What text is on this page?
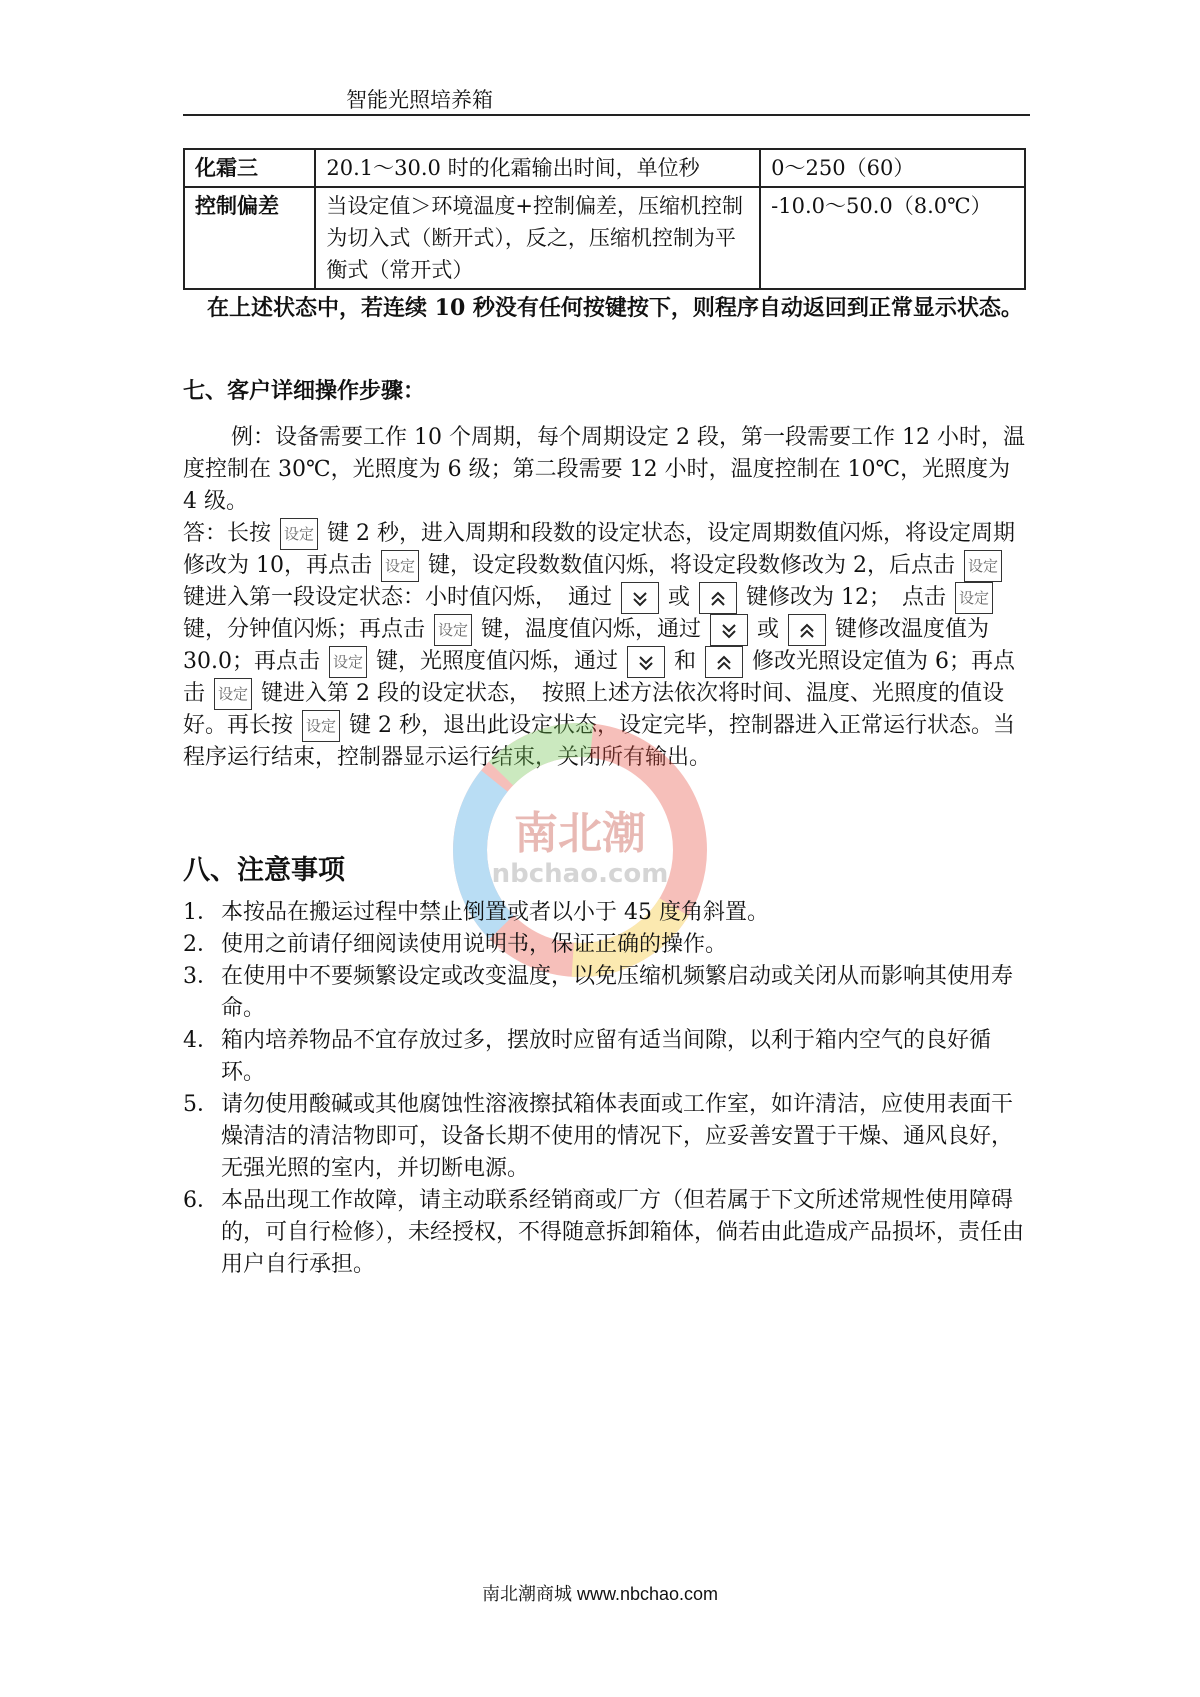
智能光照培养箱
化霜三	20.1～30.0 时的化霜输出时间，单位秒	0～250（60）
控制偏差	当设定值＞环境温度+控制偏差，压缩机控制为切入式（断开式），反之，压缩机控制为平衡式（常开式）	-10.0～50.0（8.0℃）
在上述状态中，若连续 10 秒没有任何按键按下，则程序自动返回到正常显示状态。
七、客户详细操作步骤：
例：设备需要工作 10 个周期，每个周期设定 2 段，第一段需要工作 12 小时，温度控制在 30℃，光照度为 6 级；第二段需要 12 小时，温度控制在 10℃，光照度为 4 级。
答：长按 设定 键 2 秒，进入周期和段数的设定状态，设定周期数值闪烁，将设定周期修改为 10，再点击 设定 键，设定段数数值闪烁，将设定段数修改为 2，后点击 设定 键进入第一段设定状态：小时值闪烁，　通过	或	键修改为 12；　点击 设定 键，分钟值闪烁；再点击 设定 键，温度值闪烁，通过	或	键修改温度值为 30.0；再点击 设定 键，光照度值闪烁，通过	和	修改光照设定值为 6；再点击 设定 键进入第 2 段的设定状态，　按照上述方法依次将时间、温度、光照度的值设好。再长按 设定 键 2 秒，退出此设定状态，设定完毕，控制器进入正常运行状态。当程序运行结束，控制器显示运行结束，关闭所有输出。
南北潮
nbchao.com
八、注意事项
1． 本按品在搬运过程中禁止倒置或者以小于 45 度角斜置。
2． 使用之前请仔细阅读使用说明书，保证正确的操作。
3． 在使用中不要频繁设定或改变温度，以免压缩机频繁启动或关闭从而影响其使用寿命。
4． 箱内培养物品不宜存放过多，摆放时应留有适当间隙，以利于箱内空气的良好循环。
5． 请勿使用酸碱或其他腐蚀性溶液擦拭箱体表面或工作室，如许清洁，应使用表面干燥清洁的清洁物即可，设备长期不使用的情况下，应妥善安置于干燥、通风良好，无强光照的室内，并切断电源。
6． 本品出现工作故障，请主动联系经销商或厂方（但若属于下文所述常规性使用障碍的，可自行检修），未经授权，不得随意拆卸箱体，倘若由此造成产品损坏，责任由用户自行承担。
南北潮商城 www.nbchao.com
